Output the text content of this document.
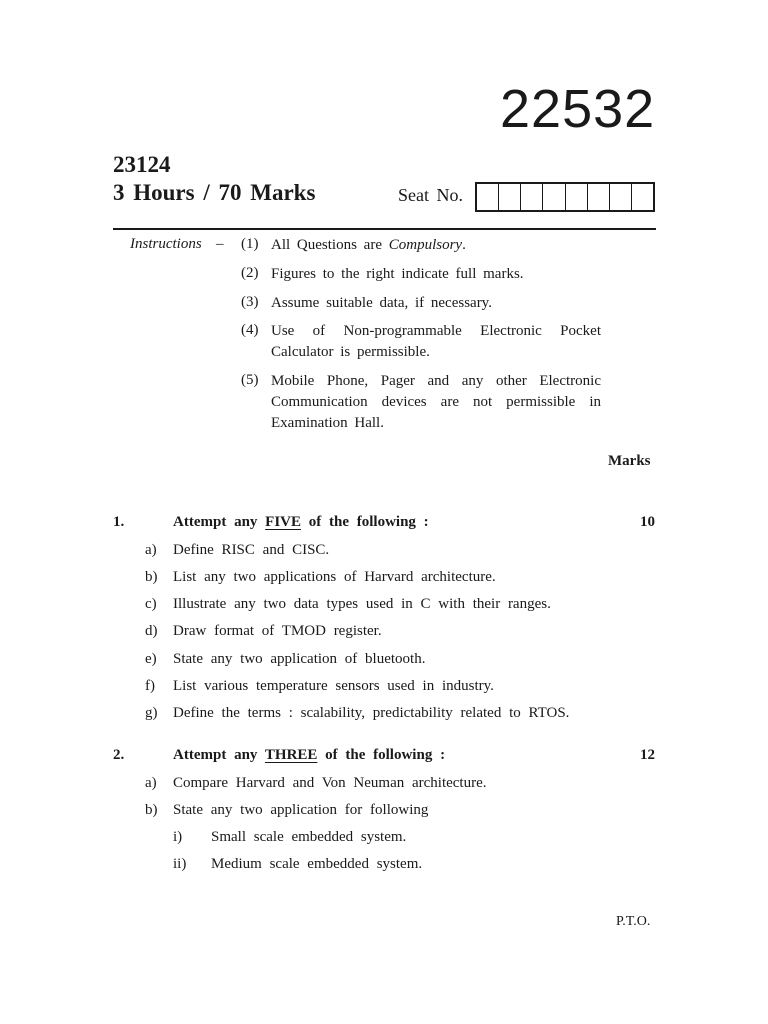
22532
23124
3 Hours / 70 Marks	Seat No.
Instructions – (1) All Questions are Compulsory.
(2) Figures to the right indicate full marks.
(3) Assume suitable data, if necessary.
(4) Use of Non-programmable Electronic Pocket Calculator is permissible.
(5) Mobile Phone, Pager and any other Electronic Communication devices are not permissible in Examination Hall.
Marks
1.	Attempt any FIVE of the following :	10
a) Define RISC and CISC.
b) List any two applications of Harvard architecture.
c) Illustrate any two data types used in C with their ranges.
d) Draw format of TMOD register.
e) State any two application of bluetooth.
f) List various temperature sensors used in industry.
g) Define the terms : scalability, predictability related to RTOS.
2.	Attempt any THREE of the following :	12
a) Compare Harvard and Von Neuman architecture.
b) State any two application for following
i) Small scale embedded system.
ii) Medium scale embedded system.
P.T.O.
